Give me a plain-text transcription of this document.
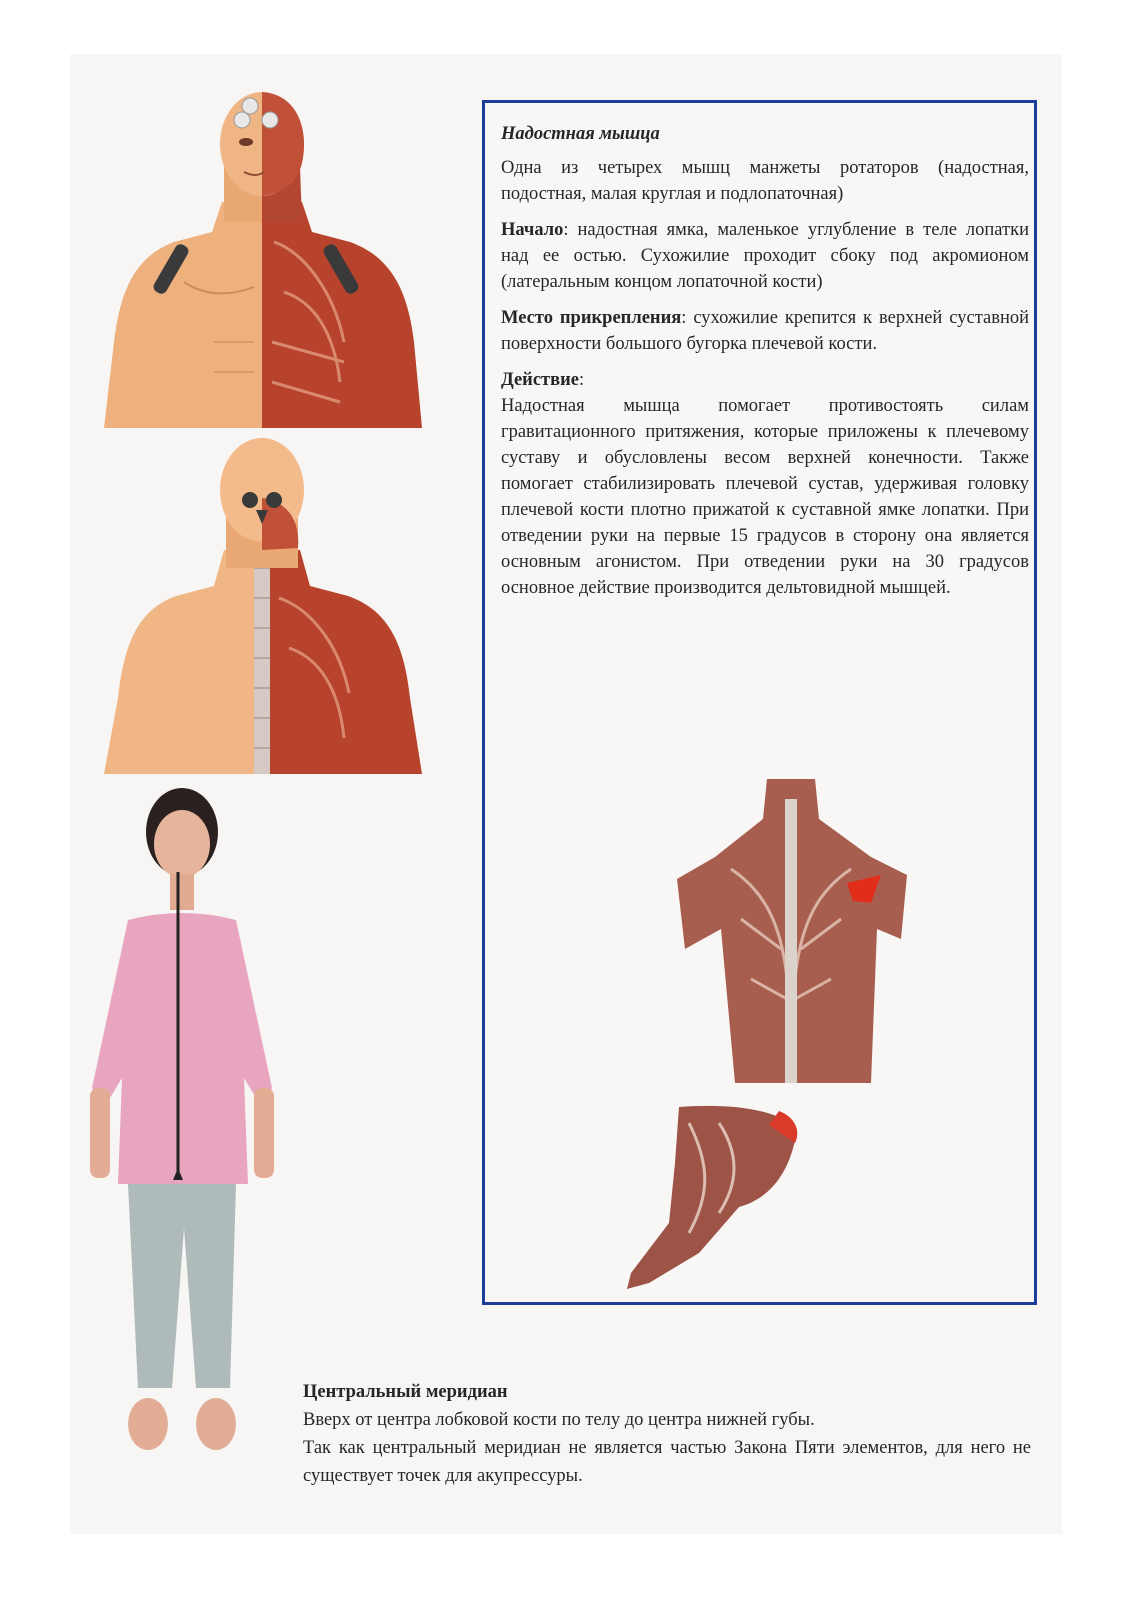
Надостная мышца

Одна из четырех мышц манжеты ротаторов (надостная, подостная, малая круглая и подлопаточная)

Начало: надостная ямка, маленькое углубление в теле лопатки над ее остью. Сухожилие проходит сбоку под акромионом (латеральным концом лопаточной кости)

Место прикрепления: сухожилие крепится к верхней суставной поверхности большого бугорка плечевой кости.

Действие:

Надостная мышца помогает противостоять силам гравитационного притяжения, которые приложены к плечевому суставу и обусловлены весом верхней конечности. Также помогает стабилизировать плечевой сустав, удерживая головку плечевой кости плотно прижатой к суставной ямке лопатки. При отведении руки на первые 15 градусов в сторону она является основным агонистом. При отведении руки на 30 градусов основное действие производится дельтовидной мышцей.

Центральный меридиан

Вверх от центра лобковой кости по телу до центра нижней губы.

Так как центральный меридиан не является частью Закона Пяти элементов, для него не существует точек для акупрессуры.
